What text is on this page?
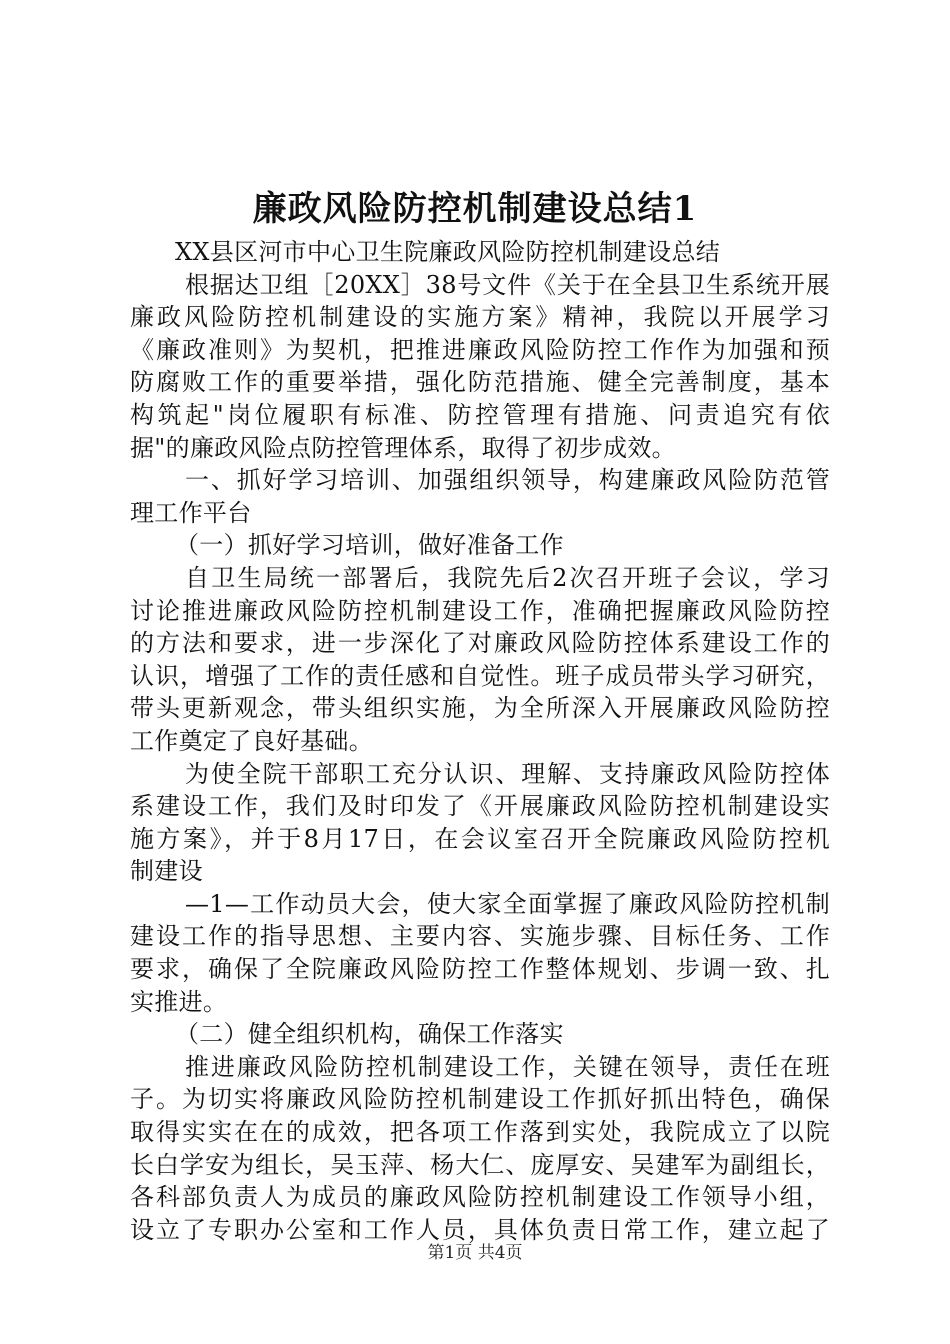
廉政风险防控机制建设总结1
XX县区河市中心卫生院廉政风险防控机制建设总结
根据达卫组［20XX］38号文件《关于在全县卫生系统开展
廉政风险防控机制建设的实施方案》精神，我院以开展学习
《廉政准则》为契机，把推进廉政风险防控工作作为加强和预
防腐败工作的重要举措，强化防范措施、健全完善制度，基本
构筑起"岗位履职有标准、防控管理有措施、问责追究有依
据"的廉政风险点防控管理体系，取得了初步成效。
一、抓好学习培训、加强组织领导，构建廉政风险防范管
理工作平台
（一）抓好学习培训，做好准备工作
自卫生局统一部署后，我院先后2次召开班子会议，学习
讨论推进廉政风险防控机制建设工作，准确把握廉政风险防控
的方法和要求，进一步深化了对廉政风险防控体系建设工作的
认识，增强了工作的责任感和自觉性。班子成员带头学习研究，
带头更新观念，带头组织实施，为全所深入开展廉政风险防控
工作奠定了良好基础。
为使全院干部职工充分认识、理解、支持廉政风险防控体
系建设工作，我们及时印发了《开展廉政风险防控机制建设实
施方案》，并于8月17日，在会议室召开全院廉政风险防控机
制建设
—1—工作动员大会，使大家全面掌握了廉政风险防控机制
建设工作的指导思想、主要内容、实施步骤、目标任务、工作
要求，确保了全院廉政风险防控工作整体规划、步调一致、扎
实推进。
（二）健全组织机构，确保工作落实
推进廉政风险防控机制建设工作，关键在领导，责任在班
子。为切实将廉政风险防控机制建设工作抓好抓出特色，确保
取得实实在在的成效，把各项工作落到实处，我院成立了以院
长白学安为组长，吴玉萍、杨大仁、庞厚安、吴建军为副组长，
各科部负责人为成员的廉政风险防控机制建设工作领导小组，
设立了专职办公室和工作人员，具体负责日常工作，建立起了
第1页 共4页
